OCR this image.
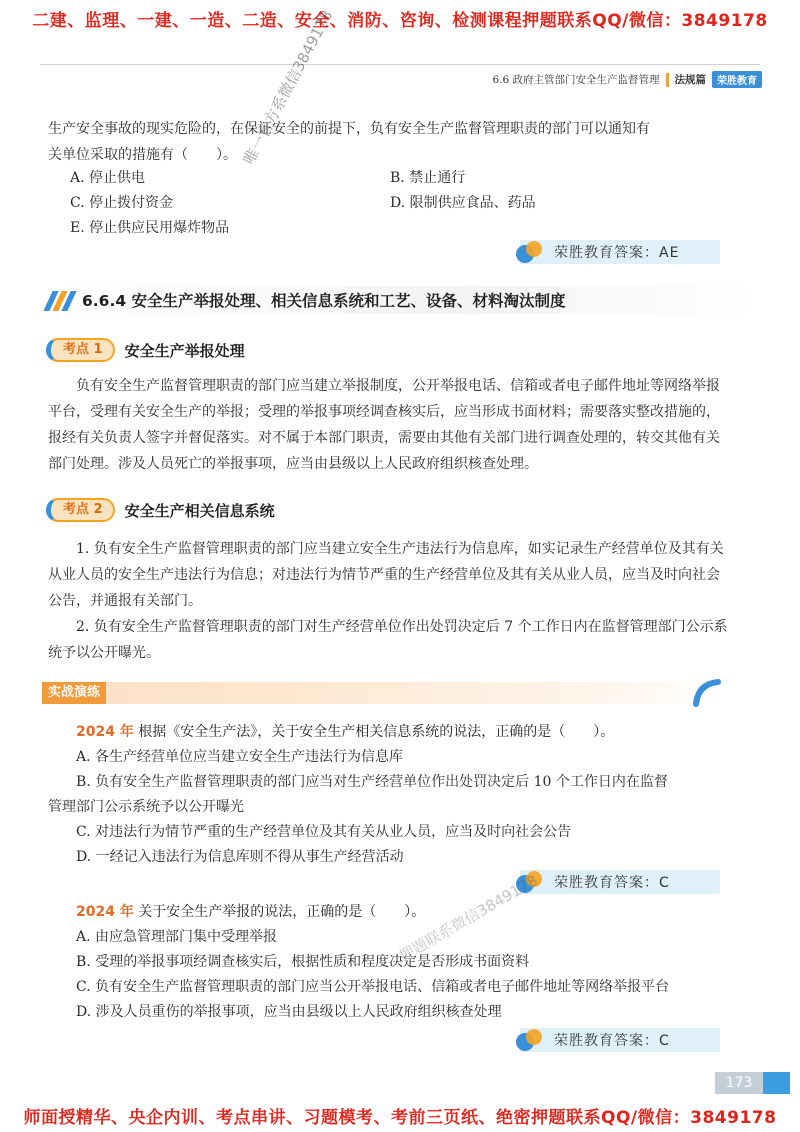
二建、监理、一建、一造、二造、安全、消防、咨询、检测课程押题联系QQ/微信：3849178
6.6 政府主管部门安全生产监督管理 法规篇	荣胜教育
生产安全事故的现实危险的，在保证安全的前提下，负有安全生产监督管理职责的部门可以通知有
关单位采取的措施有（　　）。
A. 停止供电	B. 禁止通行
C. 停止拨付资金	D. 限制供应食品、药品
E. 停止供应民用爆炸物品
荣胜教育答案：AE
6.6.4 安全生产举报处理、相关信息系统和工艺、设备、材料淘汰制度
考点 1	安全生产举报处理
负有安全生产监督管理职责的部门应当建立举报制度，公开举报电话、信箱或者电子邮件地址等网络举报平台，受理有关安全生产的举报；受理的举报事项经调查核实后，应当形成书面材料；需要落实整改措施的，报经有关负责人签字并督促落实。对不属于本部门职责，需要由其他有关部门进行调查处理的，转交其他有关部门处理。涉及人员死亡的举报事项，应当由县级以上人民政府组织核查处理。
考点 2	安全生产相关信息系统
1. 负有安全生产监督管理职责的部门应当建立安全生产违法行为信息库，如实记录生产经营单位及其有关从业人员的安全生产违法行为信息；对违法行为情节严重的生产经营单位及其有关从业人员，应当及时向社会公告，并通报有关部门。
2. 负有安全生产监督管理职责的部门对生产经营单位作出处罚决定后 7 个工作日内在监督管理部门公示系统予以公开曝光。
实战演练
2024 年 根据《安全生产法》，关于安全生产相关信息系统的说法，正确的是（　　）。
A. 各生产经营单位应当建立安全生产违法行为信息库
B. 负有安全生产监督管理职责的部门应当对生产经营单位作出处罚决定后 10 个工作日内在监督
管理部门公示系统予以公开曝光
C. 对违法行为情节严重的生产经营单位及其有关从业人员，应当及时向社会公告
D. 一经记入违法行为信息库则不得从事生产经营活动
荣胜教育答案：C
2024 年 关于安全生产举报的说法，正确的是（　　）。
A. 由应急管理部门集中受理举报
B. 受理的举报事项经调查核实后，根据性质和程度决定是否形成书面资料
C. 负有安全生产监督管理职责的部门应当公开举报电话、信箱或者电子邮件地址等网络举报平台
D. 涉及人员重伤的举报事项，应当由县级以上人民政府组织核查处理
荣胜教育答案：C
173
唯一官方系微信3849178
押题联系微信3849178
师面授精华、央企内训、考点串讲、习题模考、考前三页纸、绝密押题联系QQ/微信：3849178
